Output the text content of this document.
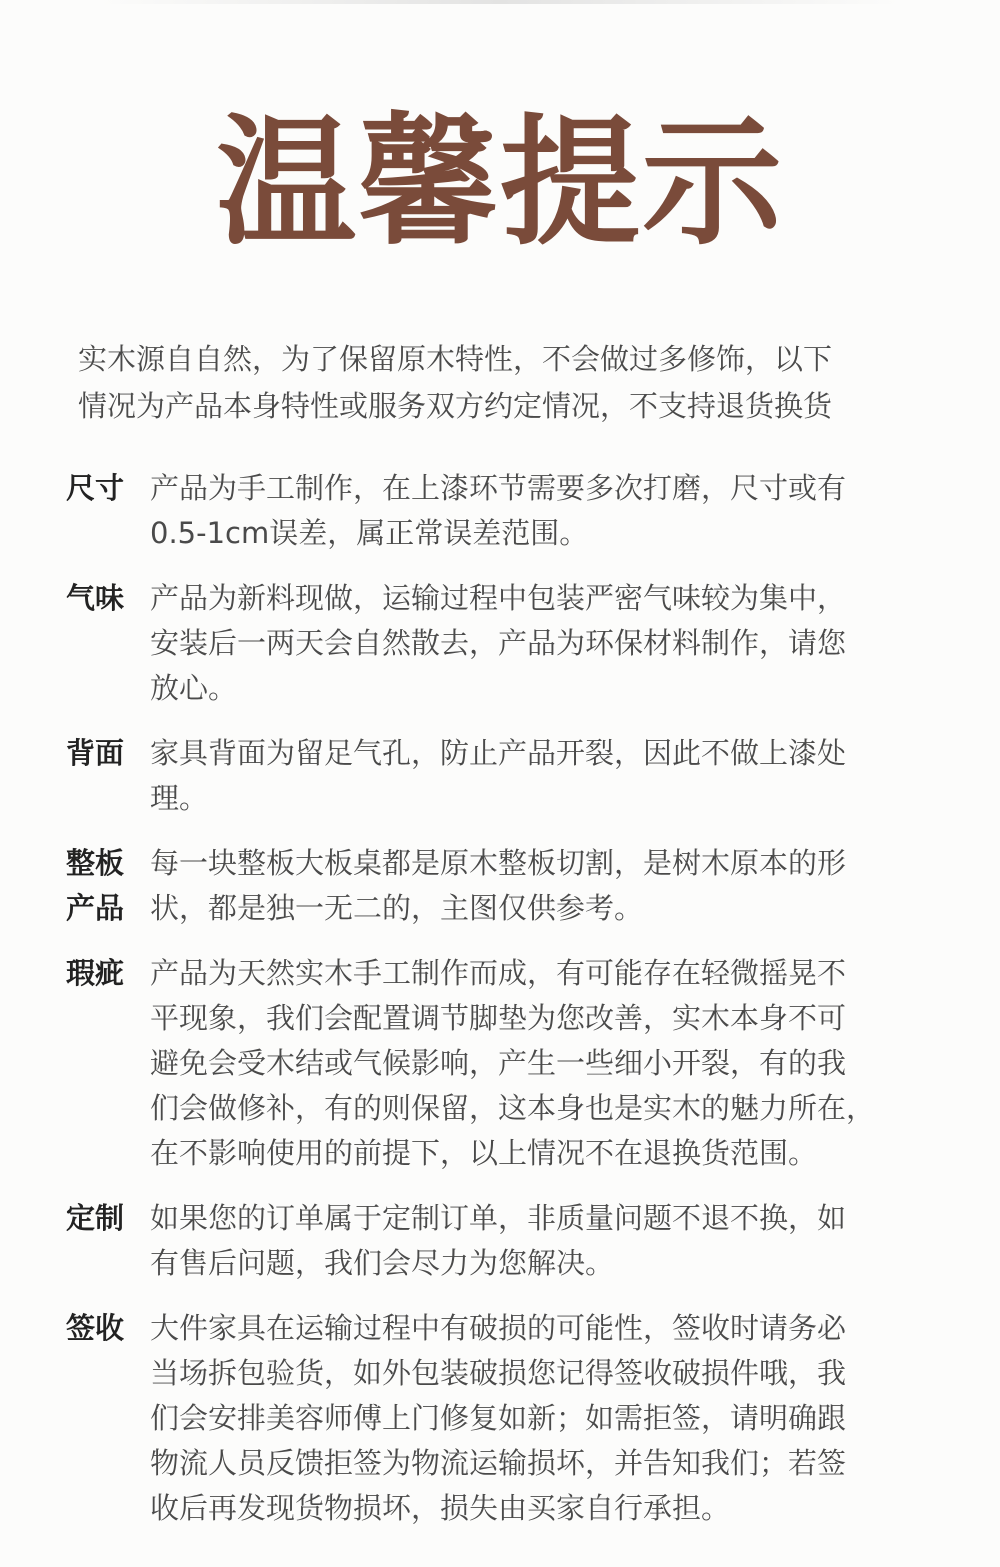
温馨提示
实木源自自然，为了保留原木特性，不会做过多修饰，以下
情况为产品本身特性或服务双方约定情况，不支持退货换货
尺寸 产品为手工制作，在上漆环节需要多次打磨，尺寸或有
0.5-1cm误差，属正常误差范围。
气味 产品为新料现做，运输过程中包装严密气味较为集中，
安装后一两天会自然散去，产品为环保材料制作，请您
放心。
背面 家具背面为留足气孔，防止产品开裂，因此不做上漆处
理。
整板
产品
每一块整板大板桌都是原木整板切割，是树木原本的形
状，都是独一无二的，主图仅供参考。
瑕疵 产品为天然实木手工制作而成，有可能存在轻微摇晃不
平现象，我们会配置调节脚垫为您改善，实木本身不可
避免会受木结或气候影响，产生一些细小开裂，有的我
们会做修补，有的则保留，这本身也是实木的魅力所在，
在不影响使用的前提下，以上情况不在退换货范围。
定制 如果您的订单属于定制订单，非质量问题不退不换，如
有售后问题，我们会尽力为您解决。
签收 大件家具在运输过程中有破损的可能性，签收时请务必
当场拆包验货，如外包装破损您记得签收破损件哦，我
们会安排美容师傅上门修复如新；如需拒签，请明确跟
物流人员反馈拒签为物流运输损坏，并告知我们；若签
收后再发现货物损坏，损失由买家自行承担。
